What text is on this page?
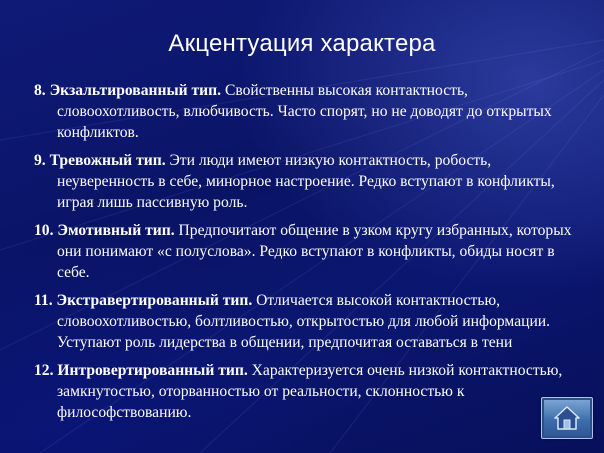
Акцентуация характера
8. Экзальтированный тип. Свойственны высокая контактность, словоохотливость, влюбчивость. Часто спорят, но не доводят до открытых конфликтов.
9. Тревожный тип. Эти люди имеют низкую контактность, робость, неуверенность в себе, минорное настроение. Редко вступают в конфликты, играя лишь пассивную роль.
10. Эмотивный тип. Предпочитают общение в узком кругу избранных, которых они понимают «с полуслова». Редко вступают в конфликты, обиды носят в себе.
11. Экстравертированный тип. Отличается высокой контактностью, словоохотливостью, болтливостью, открытостью для любой информации. Уступают роль лидерства в общении, предпочитая оставаться в тени
12. Интровертированный тип. Характеризуется очень низкой контактностью, замкнутостью, оторванностью от реальности, склонностью к философствованию.
